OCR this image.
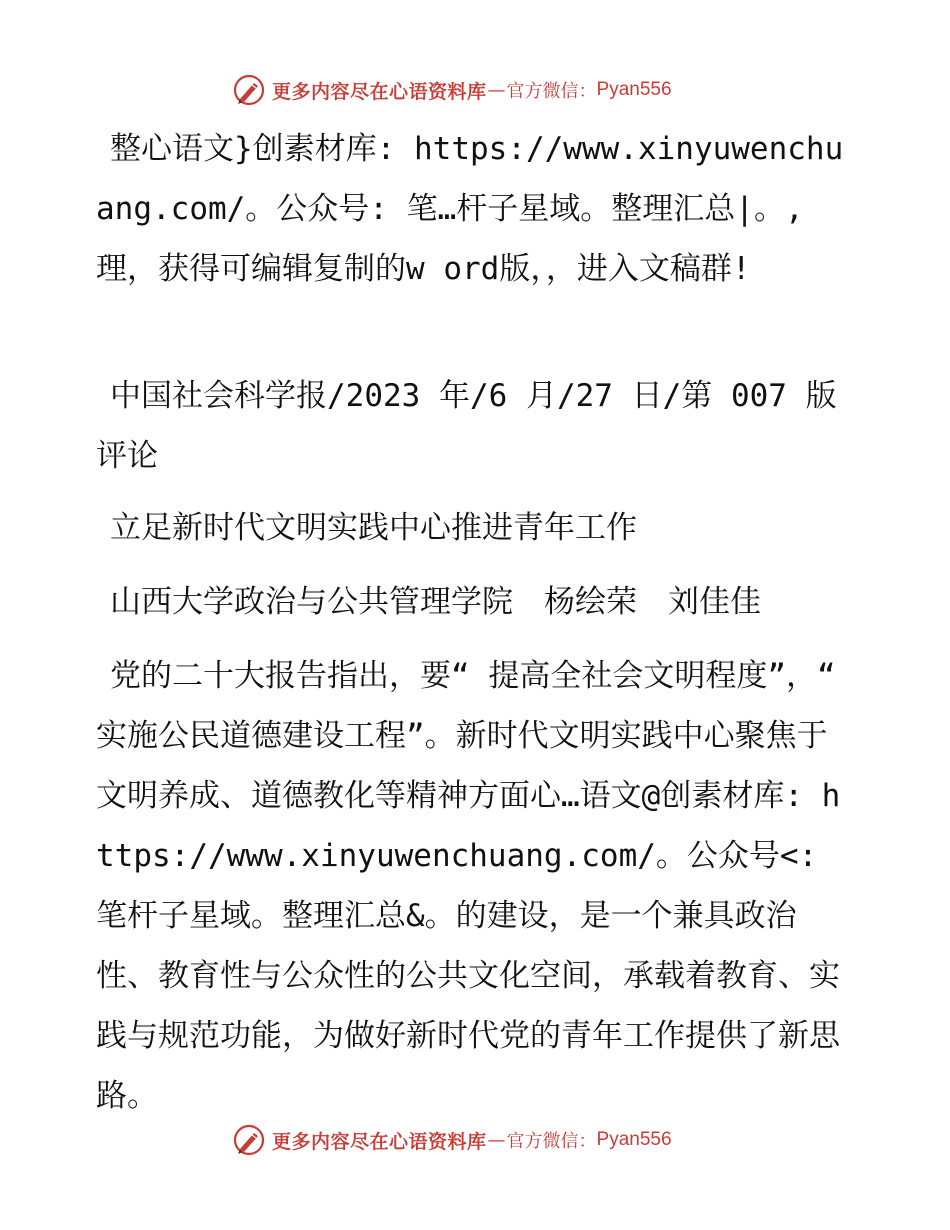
更多内容尽在心语资料库 — 官方微信： Pyan556

整心语文}创素材库: https://www.xinyuwenchuang.com/。公众号: 笔…杆子星域。整理汇总|。,理，获得可编辑复制的w ord版，，进入文稿群!

中国社会科学报/2023 年/6 月/27 日/第 007 版

评论

立足新时代文明实践中心推进青年工作

山西大学政治与公共管理学院　杨绘荣　刘佳佳

党的二十大报告指出，要“ 提高全社会文明程度”，“ 实施公民道德建设工程”。新时代文明实践中心聚焦于文明养成、道德教化等精神方面心…语文@创素材库: https://www.xinyuwenchuang.com/。公众号<: 笔杆子星域。整理汇总&。的建设，是一个兼具政治性、教育性与公众性的公共文化空间，承载着教育、实践与规范功能，为做好新时代党的青年工作提供了新思路。

更多内容尽在心语资料库 — 官方微信： Pyan556
